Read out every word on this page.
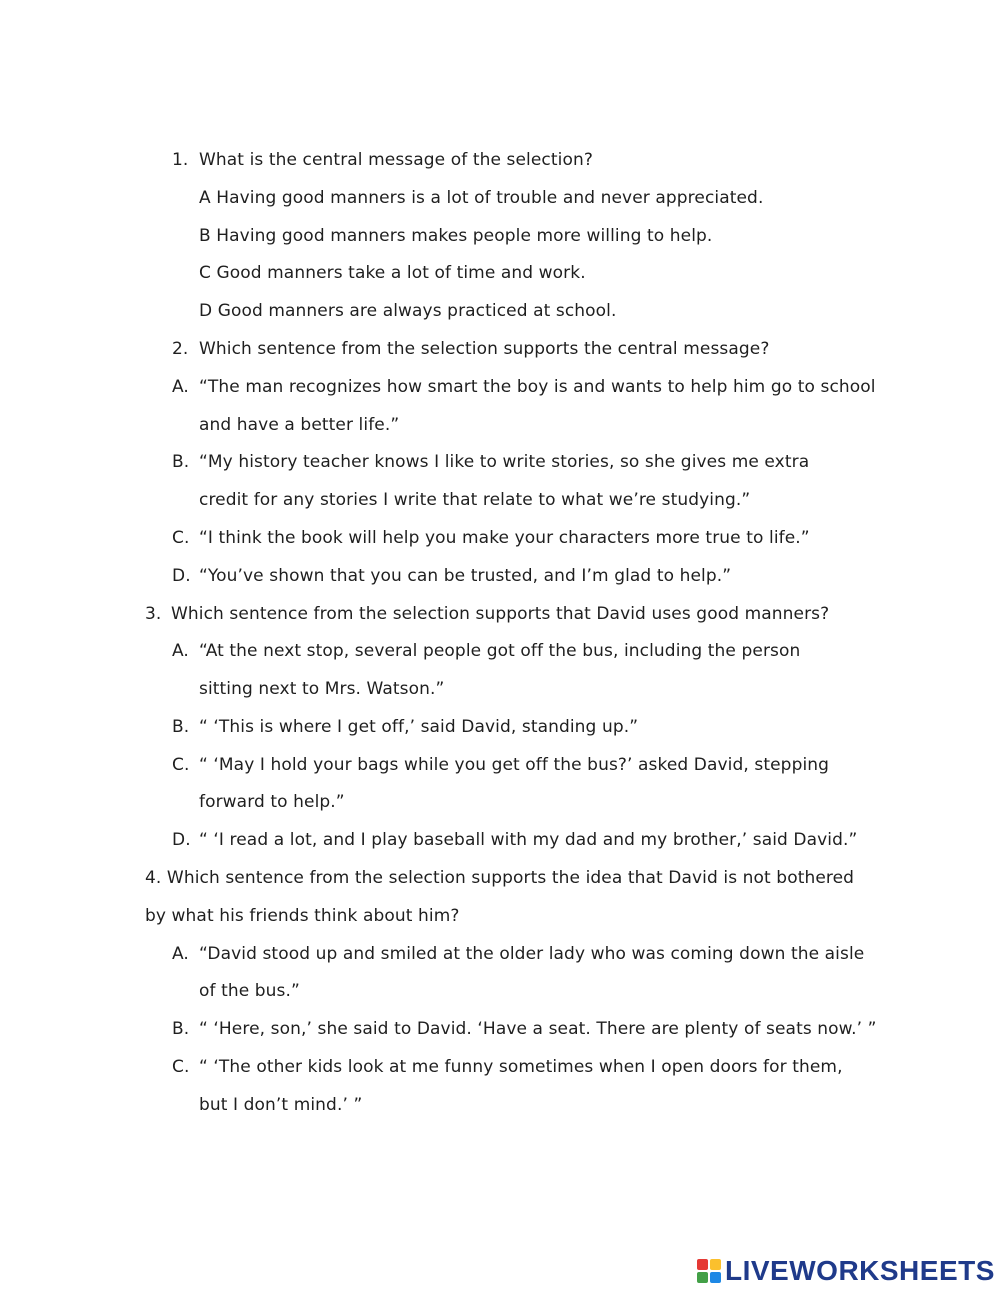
1. What is the central message of the selection?
A Having good manners is a lot of trouble and never appreciated.
B Having good manners makes people more willing to help.
C Good manners take a lot of time and work.
D Good manners are always practiced at school.
2. Which sentence from the selection supports the central message?
A. “The man recognizes how smart the boy is and wants to help him go to school
and have a better life.”
B. “My history teacher knows I like to write stories, so she gives me extra
credit for any stories I write that relate to what we’re studying.”
C. “I think the book will help you make your characters more true to life.”
D. “You’ve shown that you can be trusted, and I’m glad to help.”
3. Which sentence from the selection supports that David uses good manners?
A. “At the next stop, several people got off the bus, including the person
sitting next to Mrs. Watson.”
B. “ ‘This is where I get off,’ said David, standing up.”
C. “ ‘May I hold your bags while you get off the bus?’ asked David, stepping
forward to help.”
D. “ ‘I read a lot, and I play baseball with my dad and my brother,’ said David.”
4. Which sentence from the selection supports the idea that David is not bothered
by what his friends think about him?
A. “David stood up and smiled at the older lady who was coming down the aisle
of the bus.”
B. “ ‘Here, son,’ she said to David. ‘Have a seat. There are plenty of seats now.’ ”
C. “ ‘The other kids look at me funny sometimes when I open doors for them,
but I don’t mind.’ ”
LIVEWORKSHEETS
